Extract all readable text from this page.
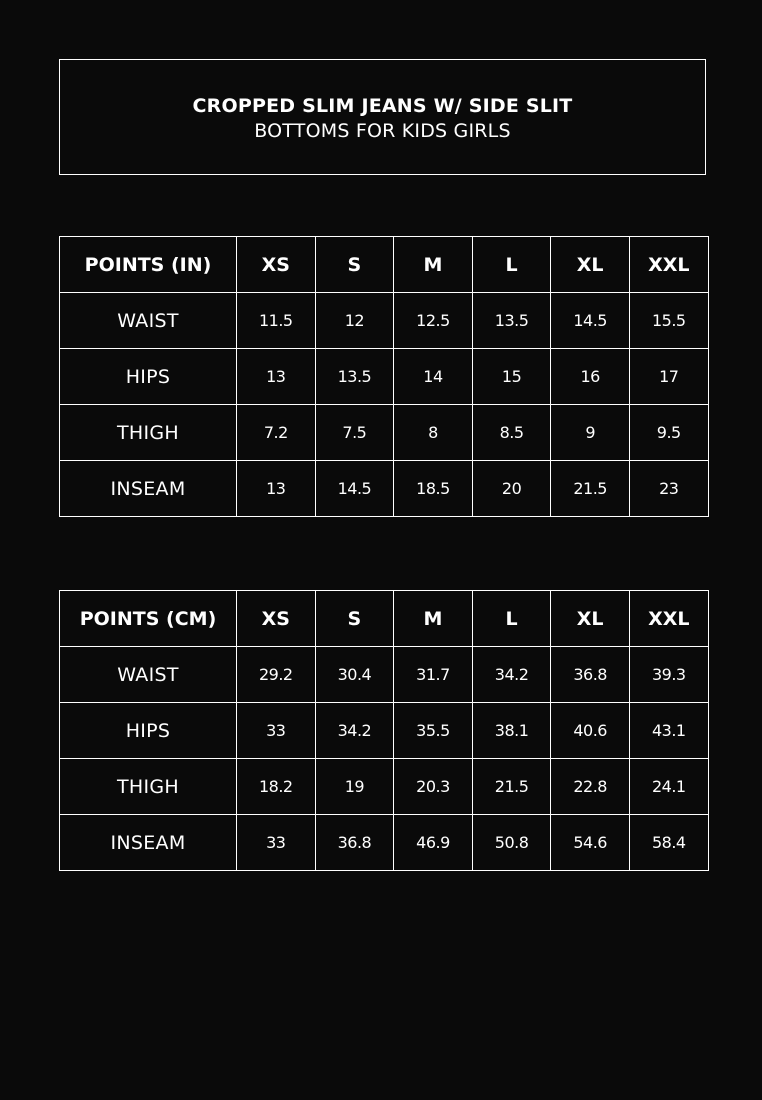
CROPPED SLIM JEANS W/ SIDE SLIT
BOTTOMS FOR KIDS GIRLS
POINTS (IN)	XS	S	M	L	XL	XXL
WAIST	11.5	12	12.5	13.5	14.5	15.5
HIPS	13	13.5	14	15	16	17
THIGH	7.2	7.5	8	8.5	9	9.5
INSEAM	13	14.5	18.5	20	21.5	23
POINTS (CM)	XS	S	M	L	XL	XXL
WAIST	29.2	30.4	31.7	34.2	36.8	39.3
HIPS	33	34.2	35.5	38.1	40.6	43.1
THIGH	18.2	19	20.3	21.5	22.8	24.1
INSEAM	33	36.8	46.9	50.8	54.6	58.4
